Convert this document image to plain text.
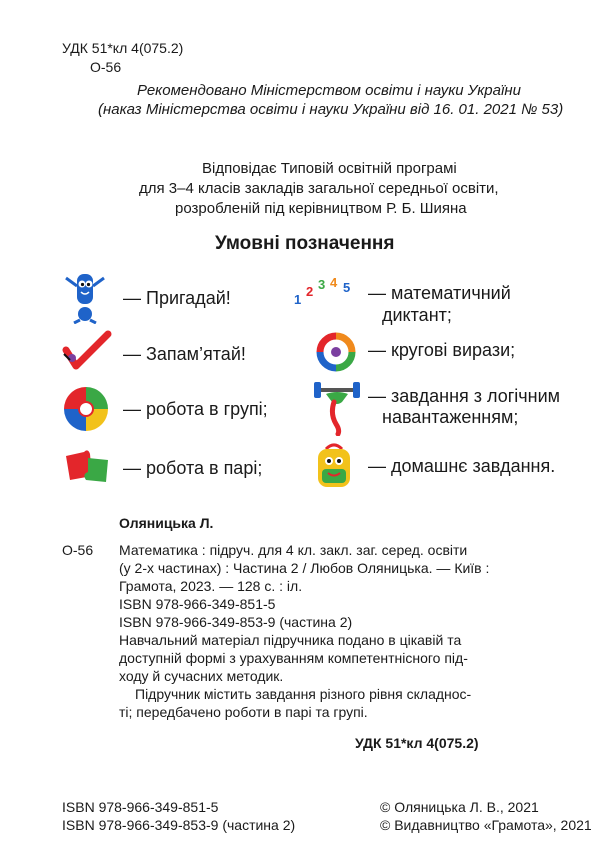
УДК 51*кл 4(075.2)
О-56
Рекомендовано Міністерством освіти і науки України
(наказ Міністерства освіти і науки України від 16. 01. 2021 № 53)
Відповідає Типовій освітній програмі
для 3–4 класів закладів загальної середньої освіти,
розробленій під керівництвом Р. Б. Шияна
Умовні позначення
— Пригадай!
— Запам’ятай!
— робота в групі;
— робота в парі;
1
2 3 4 5 — математичний
диктант;
— кругові вирази;
— завдання з логічним
навантаженням;
— домашнє завдання.
Оляницька Л.
О-56 Математика : підруч. для 4 кл. закл. заг. серед. освіти
(у 2-х частинах) : Частина 2 / Любов Оляницька. — Київ :
Грамота, 2023. — 128 с. : іл.
ISBN 978-966-349-851-5
ISBN 978-966-349-853-9 (частина 2)
Навчальний матеріал підручника подано в цікавій та
доступній формі з урахуванням компетентнісного під-
ходу й сучасних методик.
Підручник містить завдання різного рівня складнос-
ті; передбачено роботи в парі та групі.
УДК 51*кл 4(075.2)
ISBN 978-966-349-851-5
ISBN 978-966-349-853-9 (частина 2)
© Оляницька Л. В., 2021
© Видавництво «Грамота», 2021
